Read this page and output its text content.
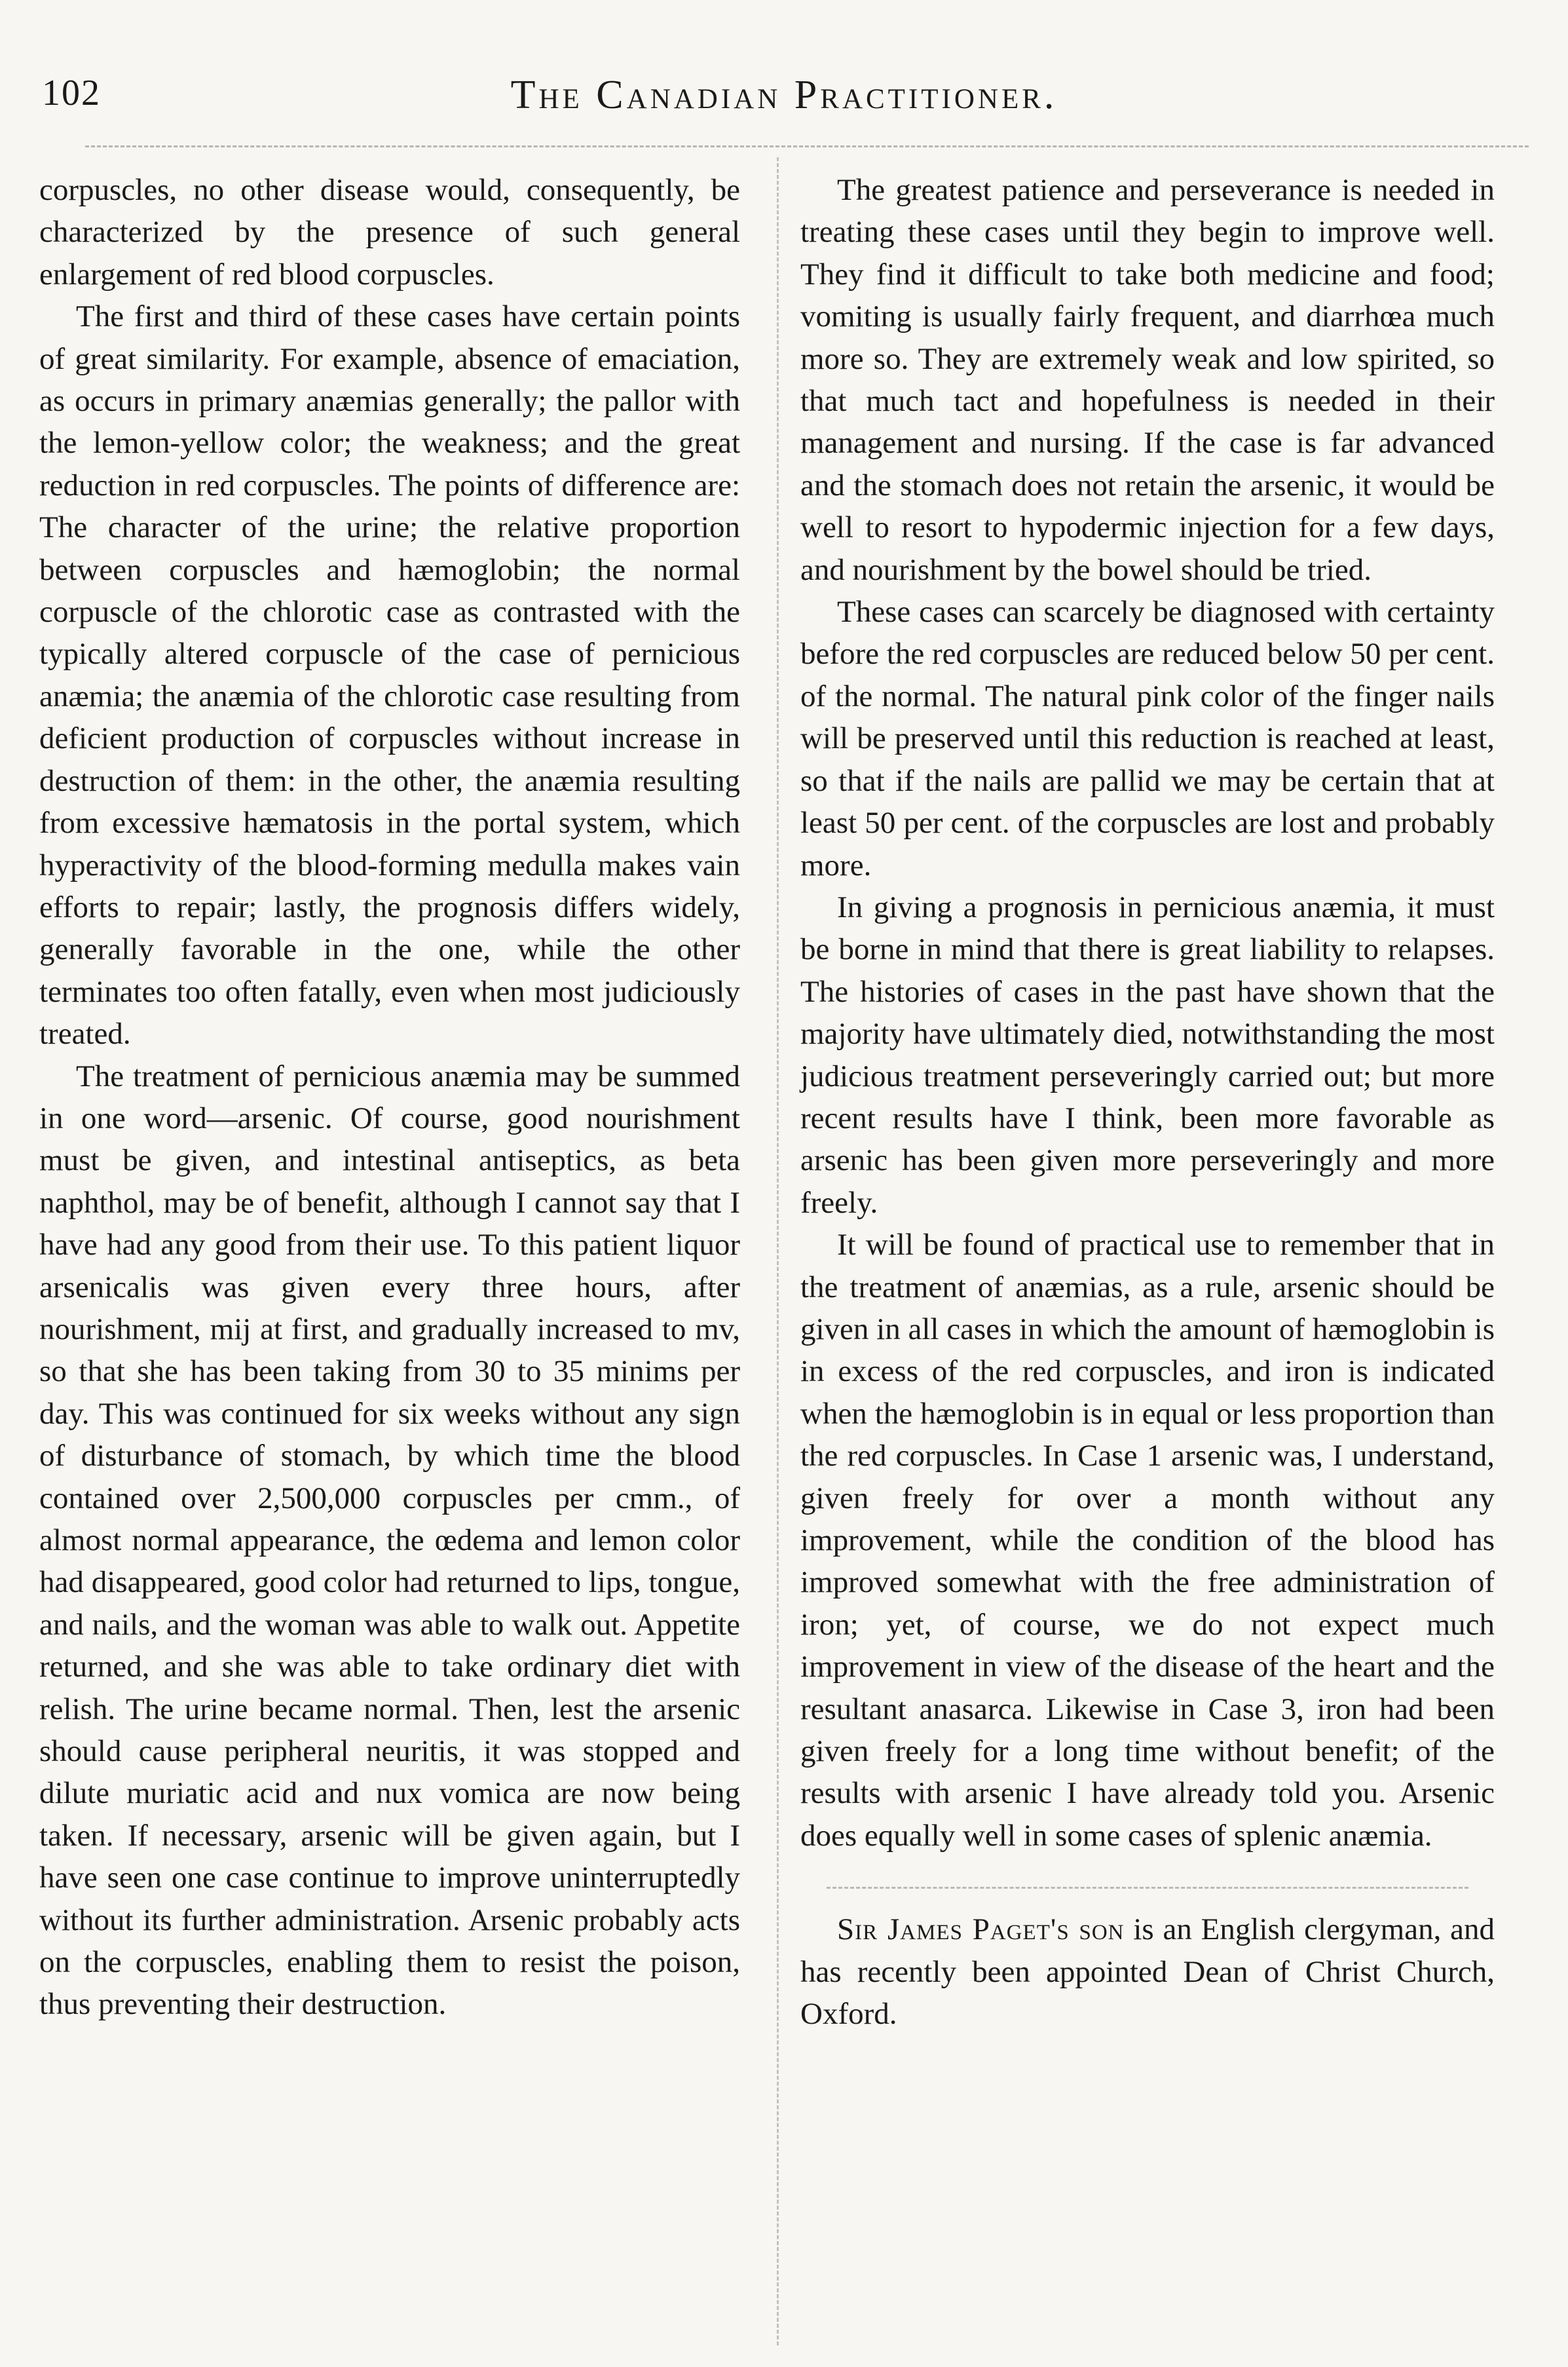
102	The Canadian Practitioner.

corpuscles, no other disease would, consequently, be characterized by the presence of such general enlargement of red blood corpuscles.

The first and third of these cases have certain points of great similarity. For example, absence of emaciation, as occurs in primary anæmias generally; the pallor with the lemon-yellow color; the weakness; and the great reduction in red corpuscles. The points of difference are: The character of the urine; the relative proportion between corpuscles and hæmoglobin; the normal corpuscle of the chlorotic case as contrasted with the typically altered corpuscle of the case of pernicious anæmia; the anæmia of the chlorotic case resulting from deficient production of corpuscles without increase in destruction of them: in the other, the anæmia resulting from excessive hæmatosis in the portal system, which hyperactivity of the blood-forming medulla makes vain efforts to repair; lastly, the prognosis differs widely, generally favorable in the one, while the other terminates too often fatally, even when most judiciously treated.

The treatment of pernicious anæmia may be summed in one word—arsenic. Of course, good nourishment must be given, and intestinal antiseptics, as beta naphthol, may be of benefit, although I cannot say that I have had any good from their use. To this patient liquor arsenicalis was given every three hours, after nourishment, mij at first, and gradually increased to mv, so that she has been taking from 30 to 35 minims per day. This was continued for six weeks without any sign of disturbance of stomach, by which time the blood contained over 2,500,000 corpuscles per cmm., of almost normal appearance, the œdema and lemon color had disappeared, good color had returned to lips, tongue, and nails, and the woman was able to walk out. Appetite returned, and she was able to take ordinary diet with relish. The urine became normal. Then, lest the arsenic should cause peripheral neuritis, it was stopped and dilute muriatic acid and nux vomica are now being taken. If necessary, arsenic will be given again, but I have seen one case continue to improve uninterruptedly without its further administration. Arsenic probably acts on the corpuscles, enabling them to resist the poison, thus preventing their destruction.

The greatest patience and perseverance is needed in treating these cases until they begin to improve well. They find it difficult to take both medicine and food; vomiting is usually fairly frequent, and diarrhœa much more so. They are extremely weak and low spirited, so that much tact and hopefulness is needed in their management and nursing. If the case is far advanced and the stomach does not retain the arsenic, it would be well to resort to hypodermic injection for a few days, and nourishment by the bowel should be tried.

These cases can scarcely be diagnosed with certainty before the red corpuscles are reduced below 50 per cent. of the normal. The natural pink color of the finger nails will be preserved until this reduction is reached at least, so that if the nails are pallid we may be certain that at least 50 per cent. of the corpuscles are lost and probably more.

In giving a prognosis in pernicious anæmia, it must be borne in mind that there is great liability to relapses. The histories of cases in the past have shown that the majority have ultimately died, notwithstanding the most judicious treatment perseveringly carried out; but more recent results have I think, been more favorable as arsenic has been given more perseveringly and more freely.

It will be found of practical use to remember that in the treatment of anæmias, as a rule, arsenic should be given in all cases in which the amount of hæmoglobin is in excess of the red corpuscles, and iron is indicated when the hæmoglobin is in equal or less proportion than the red corpuscles. In Case 1 arsenic was, I understand, given freely for over a month without any improvement, while the condition of the blood has improved somewhat with the free administration of iron; yet, of course, we do not expect much improvement in view of the disease of the heart and the resultant anasarca. Likewise in Case 3, iron had been given freely for a long time without benefit; of the results with arsenic I have already told you. Arsenic does equally well in some cases of splenic anæmia.

Sir James Paget's son is an English clergyman, and has recently been appointed Dean of Christ Church, Oxford.
